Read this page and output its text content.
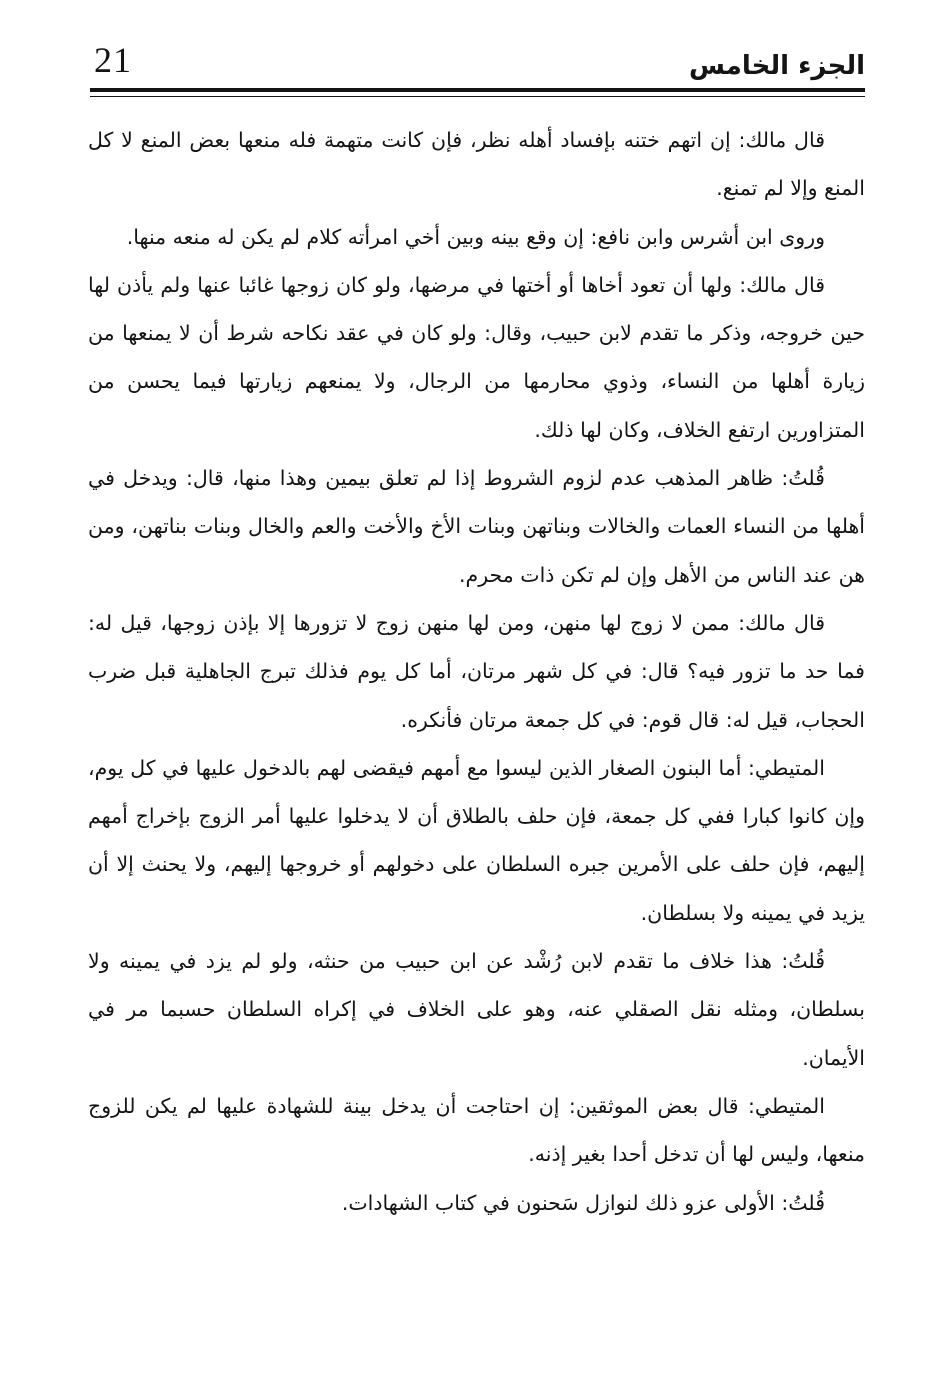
21	الجزء الخامس

قال مالك: إن اتهم ختنه بإفساد أهله نظر، فإن كانت متهمة فله منعها بعض المنع لا كل المنع وإلا لم تمنع.

وروى ابن أشرس وابن نافع: إن وقع بينه وبين أخي امرأته كلام لم يكن له منعه منها.

قال مالك: ولها أن تعود أخاها أو أختها في مرضها، ولو كان زوجها غائبا عنها ولم يأذن لها حين خروجه، وذكر ما تقدم لابن حبيب، وقال: ولو كان في عقد نكاحه شرط أن لا يمنعها من زيارة أهلها من النساء، وذوي محارمها من الرجال، ولا يمنعهم زيارتها فيما يحسن من المتزاورين ارتفع الخلاف، وكان لها ذلك.

قُلتُ: ظاهر المذهب عدم لزوم الشروط إذا لم تعلق بيمين وهذا منها، قال: ويدخل في أهلها من النساء العمات والخالات وبناتهن وبنات الأخ والأخت والعم والخال وبنات بناتهن، ومن هن عند الناس من الأهل وإن لم تكن ذات محرم.

قال مالك: ممن لا زوج لها منهن، ومن لها منهن زوج لا تزورها إلا بإذن زوجها، قيل له: فما حد ما تزور فيه؟ قال: في كل شهر مرتان، أما كل يوم فذلك تبرج الجاهلية قبل ضرب الحجاب، قيل له: قال قوم: في كل جمعة مرتان فأنكره.

المتيطي: أما البنون الصغار الذين ليسوا مع أمهم فيقضى لهم بالدخول عليها في كل يوم، وإن كانوا كبارا ففي كل جمعة، فإن حلف بالطلاق أن لا يدخلوا عليها أمر الزوج بإخراج أمهم إليهم، فإن حلف على الأمرين جبره السلطان على دخولهم أو خروجها إليهم، ولا يحنث إلا أن يزيد في يمينه ولا بسلطان.

قُلتُ: هذا خلاف ما تقدم لابن رُشْد عن ابن حبيب من حنثه، ولو لم يزد في يمينه ولا بسلطان، ومثله نقل الصقلي عنه، وهو على الخلاف في إكراه السلطان حسبما مر في الأيمان.

المتيطي: قال بعض الموثقين: إن احتاجت أن يدخل بينة للشهادة عليها لم يكن للزوج منعها، وليس لها أن تدخل أحدا بغير إذنه.

قُلتُ: الأولى عزو ذلك لنوازل سَحنون في كتاب الشهادات.
